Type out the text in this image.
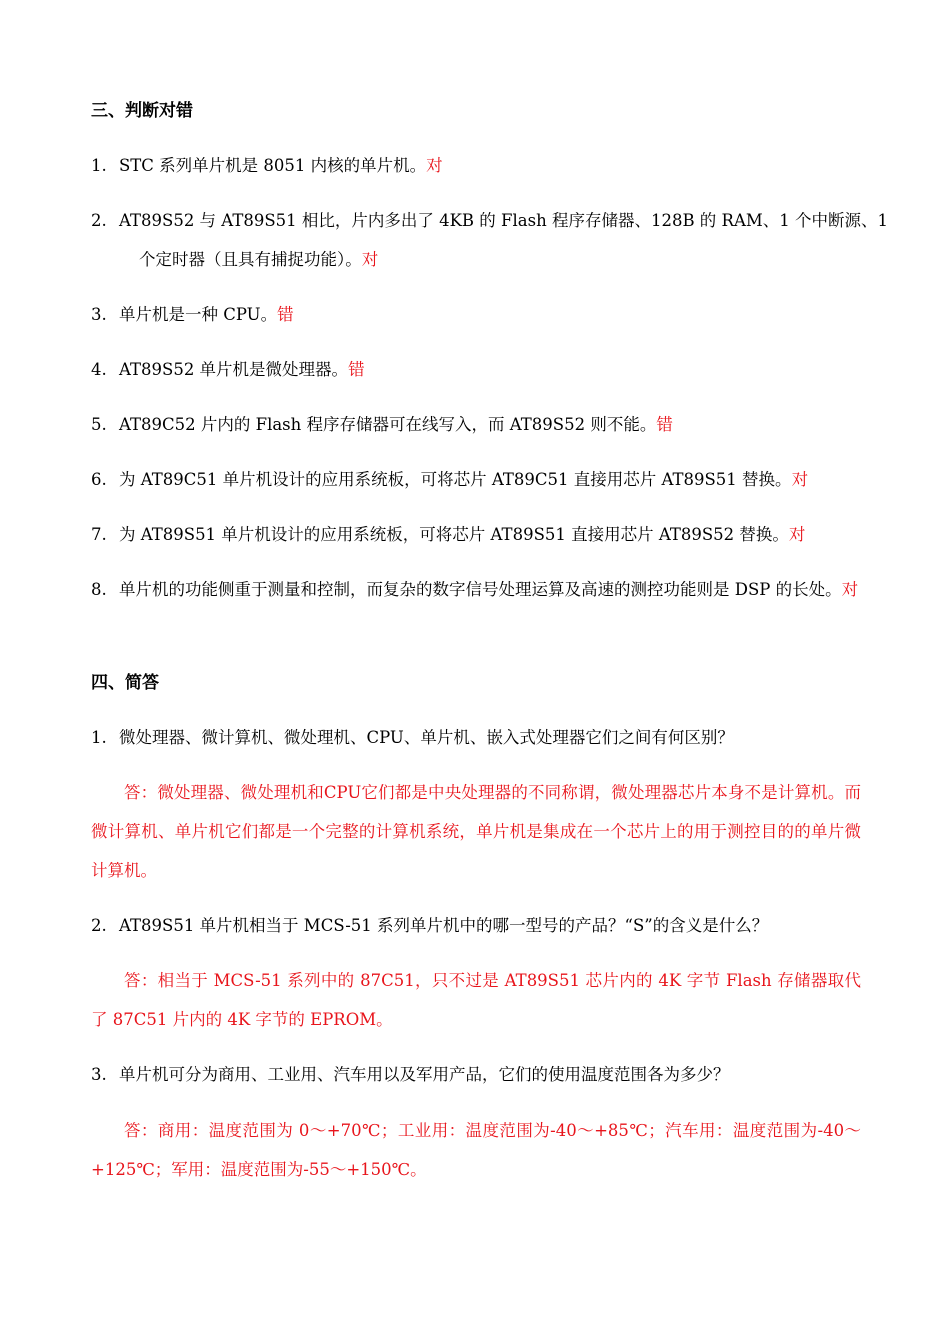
三、判断对错
1. STC 系列单片机是 8051 内核的单片机。对
2. AT89S52 与 AT89S51 相比，片内多出了 4KB 的 Flash 程序存储器、128B 的 RAM、1 个中断源、1 个定时器（且具有捕捉功能）。对
3. 单片机是一种 CPU。错
4. AT89S52 单片机是微处理器。错
5. AT89C52 片内的 Flash 程序存储器可在线写入，而 AT89S52 则不能。错
6. 为 AT89C51 单片机设计的应用系统板，可将芯片 AT89C51 直接用芯片 AT89S51 替换。对
7. 为 AT89S51 单片机设计的应用系统板，可将芯片 AT89S51 直接用芯片 AT89S52 替换。对
8. 单片机的功能侧重于测量和控制，而复杂的数字信号处理运算及高速的测控功能则是 DSP 的长处。对
四、简答
1. 微处理器、微计算机、微处理机、CPU、单片机、嵌入式处理器它们之间有何区别？
答：微处理器、微处理机和CPU它们都是中央处理器的不同称谓，微处理器芯片本身不是计算机。而微计算机、单片机它们都是一个完整的计算机系统，单片机是集成在一个芯片上的用于测控目的的单片微计算机。
2. AT89S51 单片机相当于 MCS-51 系列单片机中的哪一型号的产品？“S”的含义是什么？
答：相当于 MCS-51 系列中的 87C51，只不过是 AT89S51 芯片内的 4K 字节 Flash 存储器取代了 87C51 片内的 4K 字节的 EPROM。
3. 单片机可分为商用、工业用、汽车用以及军用产品，它们的使用温度范围各为多少？
答：商用：温度范围为 0～+70℃；工业用：温度范围为-40～+85℃；汽车用：温度范围为-40～+125℃；军用：温度范围为-55～+150℃。
